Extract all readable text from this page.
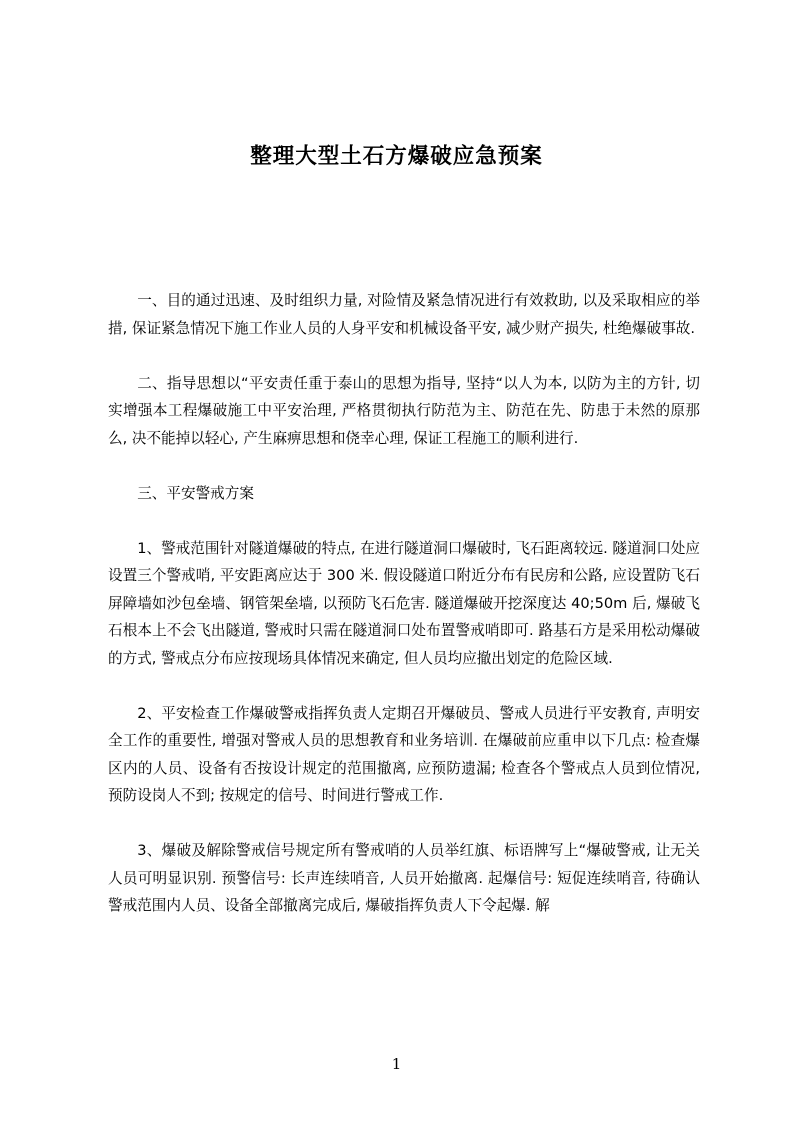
整理大型土石方爆破应急预案

一、目的通过迅速、及时组织力量, 对险情及紧急情况进行有效救助, 以及采取相应的举措, 保证紧急情况下施工作业人员的人身平安和机械设备平安, 减少财产损失, 杜绝爆破事故.

二、指导思想以“平安责任重于泰山的思想为指导, 坚持“以人为本, 以防为主的方针, 切实增强本工程爆破施工中平安治理, 严格贯彻执行防范为主、防范在先、防患于未然的原那么, 决不能掉以轻心, 产生麻痹思想和侥幸心理, 保证工程施工的顺利进行.

三、平安警戒方案

1、警戒范围针对隧道爆破的特点, 在进行隧道洞口爆破时, 飞石距离较远. 隧道洞口处应设置三个警戒哨, 平安距离应达于 300 米. 假设隧道口附近分布有民房和公路, 应设置防飞石屏障墙如沙包垒墙、钢管架垒墙, 以预防飞石危害. 隧道爆破开挖深度达 40;50m 后, 爆破飞石根本上不会飞出隧道, 警戒时只需在隧道洞口处布置警戒哨即可. 路基石方是采用松动爆破的方式, 警戒点分布应按现场具体情况来确定, 但人员均应撤出划定的危险区域.

2、平安检查工作爆破警戒指挥负责人定期召开爆破员、警戒人员进行平安教育, 声明安全工作的重要性, 增强对警戒人员的思想教育和业务培训. 在爆破前应重申以下几点: 检查爆区内的人员、设备有否按设计规定的范围撤离, 应预防遗漏; 检查各个警戒点人员到位情况, 预防设岗人不到; 按规定的信号、时间进行警戒工作.

3、爆破及解除警戒信号规定所有警戒哨的人员举红旗、标语牌写上“爆破警戒, 让无关人员可明显识别. 预警信号: 长声连续哨音, 人员开始撤离. 起爆信号: 短促连续哨音, 待确认警戒范围内人员、设备全部撤离完成后, 爆破指挥负责人下令起爆. 解

1
